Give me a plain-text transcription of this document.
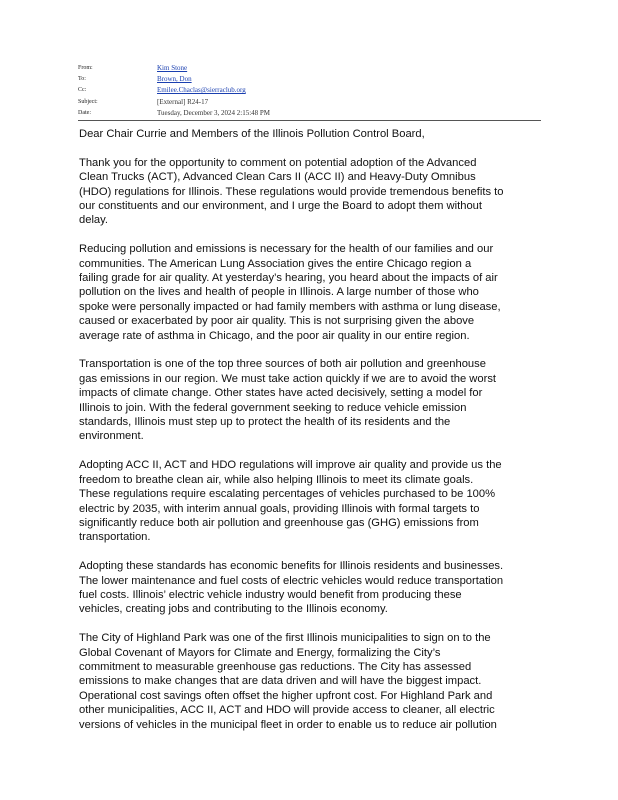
From:	Kim Stone
To:	Brown, Don
Cc:	Emilee.Chaclas@sierraclub.org
Subject:	[External] R24-17
Date:	Tuesday, December 3, 2024 2:15:48 PM

Dear Chair Currie and Members of the Illinois Pollution Control Board,

Thank you for the opportunity to comment on potential adoption of the Advanced
Clean Trucks (ACT), Advanced Clean Cars II (ACC II) and Heavy-Duty Omnibus
(HDO) regulations for Illinois. These regulations would provide tremendous benefits to
our constituents and our environment, and I urge the Board to adopt them without
delay.
Reducing pollution and emissions is necessary for the health of our families and our
communities. The American Lung Association gives the entire Chicago region a
failing grade for air quality. At yesterday’s hearing, you heard about the impacts of air
pollution on the lives and health of people in Illinois. A large number of those who
spoke were personally impacted or had family members with asthma or lung disease,
caused or exacerbated by poor air quality. This is not surprising given the above
average rate of asthma in Chicago, and the poor air quality in our entire region.
Transportation is one of the top three sources of both air pollution and greenhouse
gas emissions in our region. We must take action quickly if we are to avoid the worst
impacts of climate change. Other states have acted decisively, setting a model for
Illinois to join. With the federal government seeking to reduce vehicle emission
standards, Illinois must step up to protect the health of its residents and the
environment.
Adopting ACC II, ACT and HDO regulations will improve air quality and provide us the
freedom to breathe clean air, while also helping Illinois to meet its climate goals.
These regulations require escalating percentages of vehicles purchased to be 100%
electric by 2035, with interim annual goals, providing Illinois with formal targets to
significantly reduce both air pollution and greenhouse gas (GHG) emissions from
transportation.
Adopting these standards has economic benefits for Illinois residents and businesses.
The lower maintenance and fuel costs of electric vehicles would reduce transportation
fuel costs. Illinois’ electric vehicle industry would benefit from producing these
vehicles, creating jobs and contributing to the Illinois economy.
The City of Highland Park was one of the first Illinois municipalities to sign on to the
Global Covenant of Mayors for Climate and Energy, formalizing the City’s
commitment to measurable greenhouse gas reductions. The City has assessed
emissions to make changes that are data driven and will have the biggest impact.
Operational cost savings often offset the higher upfront cost. For Highland Park and
other municipalities, ACC II, ACT and HDO will provide access to cleaner, all electric
versions of vehicles in the municipal fleet in order to enable us to reduce air pollution
